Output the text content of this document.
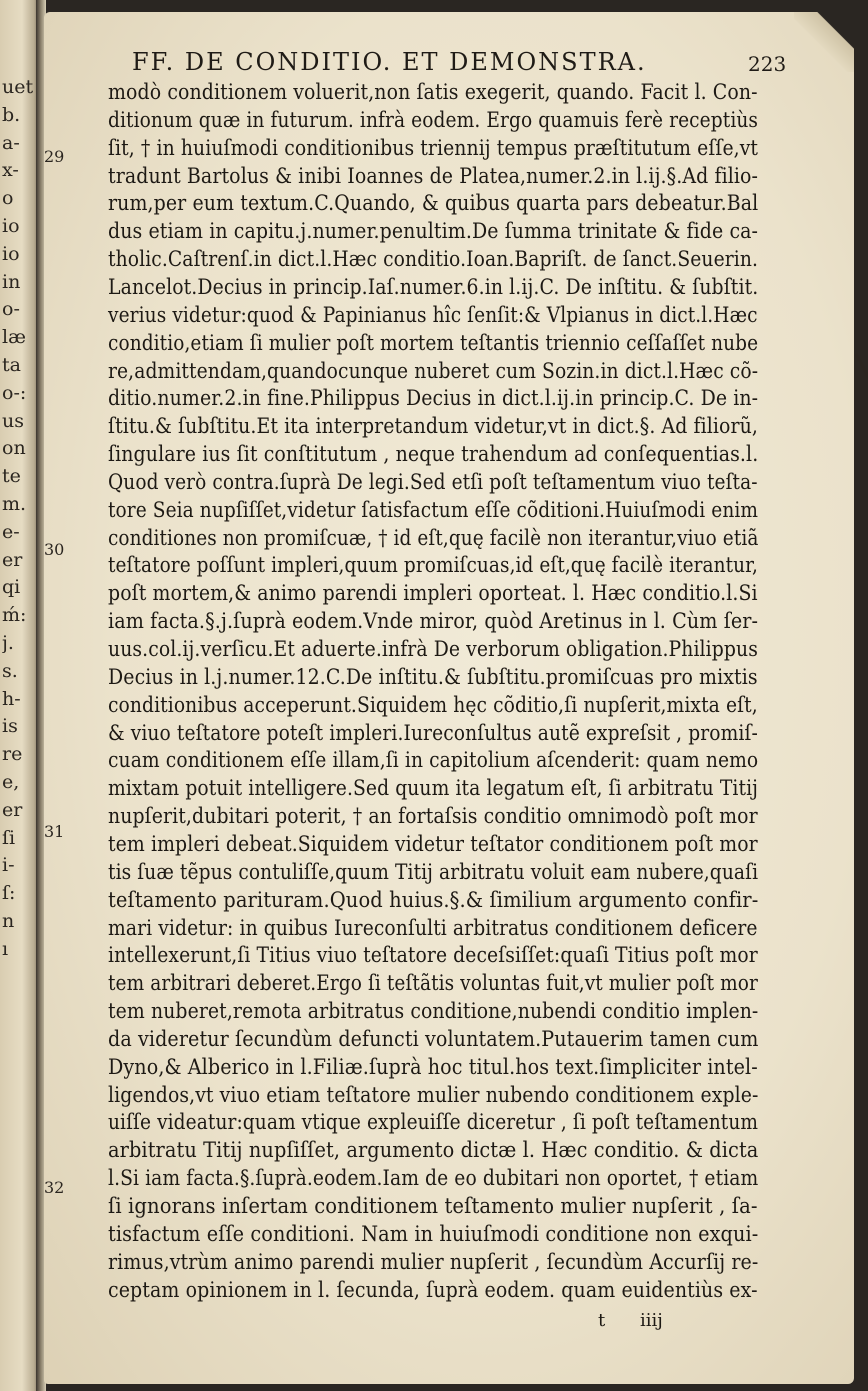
uet
b.
a-
x-
o
io
io
in
o-
læ
ta
o-:
us
on
te
m.
e-
er
qi
ḿ:
j.
s.
h-
is
re
e,
er
ſi
i-
ſ:
n
ı
FF. DE CONDITIO. ET DEMONSTRA.	223
modò conditionem voluerit,non ſatis exegerit, quando. Facit l. Con-
ditionum quæ in futurum. infrà eodem. Ergo quamuis ferè receptiùs
ſit, † in huiuſmodi conditionibus triennij tempus præſtitutum eſſe,vt
tradunt Bartolus & inibi Ioannes de Platea,numer.2.in l.ij.§.Ad filio-
rum,per eum textum.C.Quando, & quibus quarta pars debeatur.Bal
dus etiam in capitu.j.numer.penultim.De ſumma trinitate & fide ca-
tholic.Caſtrenſ.in dict.l.Hæc conditio.Ioan.Bapriſt. de ſanct.Seuerin.
Lancelot.Decius in princip.Iaſ.numer.6.in l.ij.C. De inſtitu. & ſubſtit.
verius videtur:quod & Papinianus hîc ſenſit:& Vlpianus in dict.l.Hæc
conditio,etiam ſi mulier poſt mortem teſtantis triennio ceſſaſſet nube
re,admittendam,quandocunque nuberet cum Sozin.in dict.l.Hæc cõ-
ditio.numer.2.in fine.Philippus Decius in dict.l.ij.in princip.C. De in-
ſtitu.& ſubſtitu.Et ita interpretandum videtur,vt in dict.§. Ad filiorũ,
ſingulare ius ſit conſtitutum , neque trahendum ad conſequentias.l.
Quod verò contra.ſuprà De legi.Sed etſi poſt teſtamentum viuo teſta-
tore Seia nupſiſſet,videtur ſatisfactum eſſe cõditioni.Huiuſmodi enim
conditiones non promiſcuæ, † id eſt,quę facilè non iterantur,viuo etiã
teſtatore poſſunt impleri,quum promiſcuas,id eſt,quę facilè iterantur,
poſt mortem,& animo parendi impleri oporteat. l. Hæc conditio.l.Si
iam facta.§.j.ſuprà eodem.Vnde miror, quòd Aretinus in l. Cùm ſer-
uus.col.ij.verſicu.Et aduerte.infrà De verborum obligation.Philippus
Decius in l.j.numer.12.C.De inſtitu.& ſubſtitu.promiſcuas pro mixtis
conditionibus acceperunt.Siquidem hęc cõditio,ſi nupſerit,mixta eſt,
& viuo teſtatore poteſt impleri.Iureconſultus autẽ expreſsit , promiſ-
cuam conditionem eſſe illam,ſi in capitolium aſcenderit: quam nemo
mixtam potuit intelligere.Sed quum ita legatum eſt, ſi arbitratu Titij
nupſerit,dubitari poterit, † an fortaſsis conditio omnimodò poſt mor
tem impleri debeat.Siquidem videtur teſtator conditionem poſt mor
tis ſuæ tẽpus contuliſſe,quum Titij arbitratu voluit eam nubere,quaſi
teſtamento parituram.Quod huius.§.& ſimilium argumento confir-
mari videtur: in quibus Iureconſulti arbitratus conditionem deficere
intellexerunt,ſi Titius viuo teſtatore deceſsiſſet:quaſi Titius poſt mor
tem arbitrari deberet.Ergo ſi teſtãtis voluntas fuit,vt mulier poſt mor
tem nuberet,remota arbitratus conditione,nubendi conditio implen-
da videretur ſecundùm defuncti voluntatem.Putauerim tamen cum
Dyno,& Alberico in l.Filiæ.ſuprà hoc titul.hos text.ſimpliciter intel-
ligendos,vt viuo etiam teſtatore mulier nubendo conditionem exple-
uiſſe videatur:quam vtique expleuiſſe diceretur , ſi poſt teſtamentum
arbitratu Titij nupſiſſet, argumento dictæ l. Hæc conditio. & dicta
l.Si iam facta.§.ſuprà.eodem.Iam de eo dubitari non oportet, † etiam
ſi ignorans inſertam conditionem teſtamento mulier nupſerit , ſa-
tisfactum eſſe conditioni. Nam in huiuſmodi conditione non exqui-
rimus,vtrùm animo parendi mulier nupſerit , ſecundùm Accurſij re-
ceptam opinionem in l. ſecunda, ſuprà eodem. quam euidentiùs ex-
29
30
31
32
t iiij
